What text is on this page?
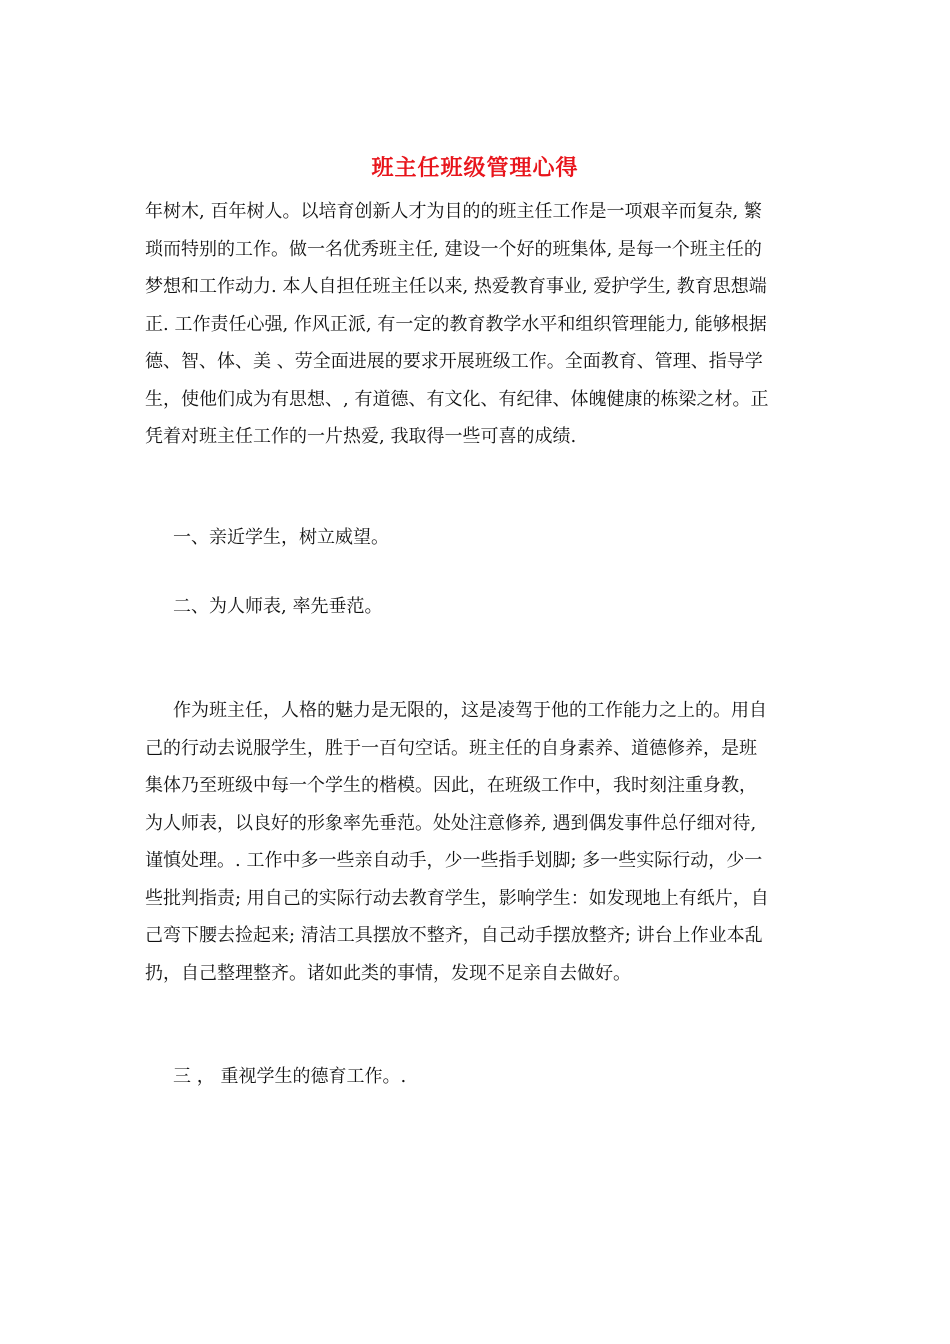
班主任班级管理心得
年树木, 百年树人。以培育创新人才为目的的班主任工作是一项艰辛而复杂, 繁
琐而特别的工作。做一名优秀班主任, 建设一个好的班集体, 是每一个班主任的
梦想和工作动力. 本人自担任班主任以来, 热爱教育事业, 爱护学生, 教育思想端
正. 工作责任心强, 作风正派, 有一定的教育教学水平和组织管理能力, 能够根据
德、智、体、美 、劳全面进展的要求开展班级工作。全面教育、管理、指导学
生，使他们成为有思想、, 有道德、有文化、有纪律、体魄健康的栋梁之材。正
凭着对班主任工作的一片热爱, 我取得一些可喜的成绩.
一、亲近学生，树立威望。
二、为人师表, 率先垂范。
作为班主任，人格的魅力是无限的，这是凌驾于他的工作能力之上的。用自
己的行动去说服学生，胜于一百句空话。班主任的自身素养、道德修养，是班
集体乃至班级中每一个学生的楷模。因此，在班级工作中，我时刻注重身教，
为人师表，以良好的形象率先垂范。处处注意修养, 遇到偶发事件总仔细对待,
谨慎处理。. 工作中多一些亲自动手，少一些指手划脚; 多一些实际行动，少一
些批判指责; 用自己的实际行动去教育学生，影响学生：如发现地上有纸片，自
己弯下腰去捡起来; 清洁工具摆放不整齐，自己动手摆放整齐; 讲台上作业本乱
扔，自己整理整齐。诸如此类的事情，发现不足亲自去做好。
三 ， 重视学生的德育工作。.
